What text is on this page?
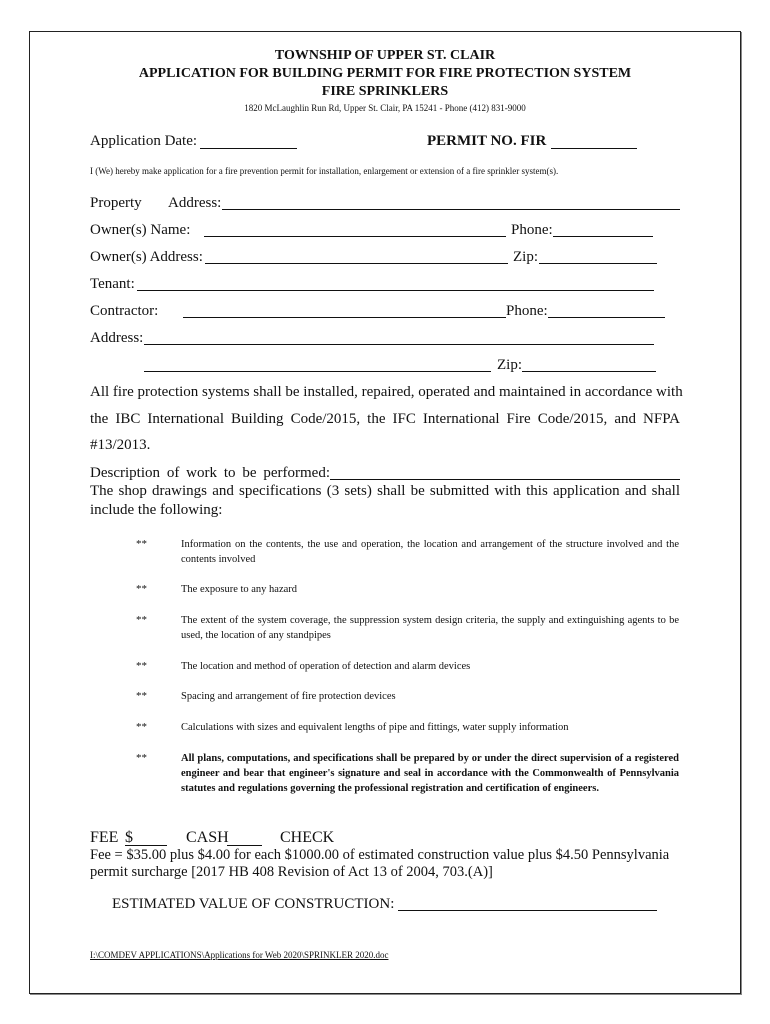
TOWNSHIP OF UPPER ST. CLAIR
APPLICATION FOR BUILDING PERMIT FOR FIRE PROTECTION SYSTEM
FIRE SPRINKLERS
1820 McLaughlin Run Rd, Upper St. Clair, PA 15241 - Phone (412) 831-9000
Application Date:	PERMIT NO. FIR
I (We) hereby make application for a fire prevention permit for installation, enlargement or extension of a fire sprinkler system(s).
Property Address:
Owner(s) Name:	Phone:
Owner(s) Address:	Zip:
Tenant:
Contractor:	Phone:
Address:
Zip:
All fire protection systems shall be installed, repaired, operated and maintained in accordance with
the IBC International Building Code/2015, the IFC International Fire Code/2015, and NFPA
#13/2013.
Description of work to be performed:
The shop drawings and specifications (3 sets) shall be submitted with this application and shall
include the following:
**	Information on the contents, the use and operation, the location and arrangement of the structure involved and the contents involved
**	The exposure to any hazard
**	The extent of the system coverage, the suppression system design criteria, the supply and extinguishing agents to be used, the location of any standpipes
**	The location and method of operation of detection and alarm devices
**	Spacing and arrangement of fire protection devices
**	Calculations with sizes and equivalent lengths of pipe and fittings, water supply information
**	All plans, computations, and specifications shall be prepared by or under the direct supervision of a registered engineer and bear that engineer's signature and seal in accordance with the Commonwealth of Pennsylvania statutes and regulations governing the professional registration and certification of engineers.
FEE $	CASH	CHECK
Fee = $35.00 plus $4.00 for each $1000.00 of estimated construction value plus $4.50 Pennsylvania
permit surcharge [2017 HB 408 Revision of Act 13 of 2004, 703.(A)]
ESTIMATED VALUE OF CONSTRUCTION:
I:\COMDEV APPLICATIONS\Applications for Web 2020\SPRINKLER 2020.doc
